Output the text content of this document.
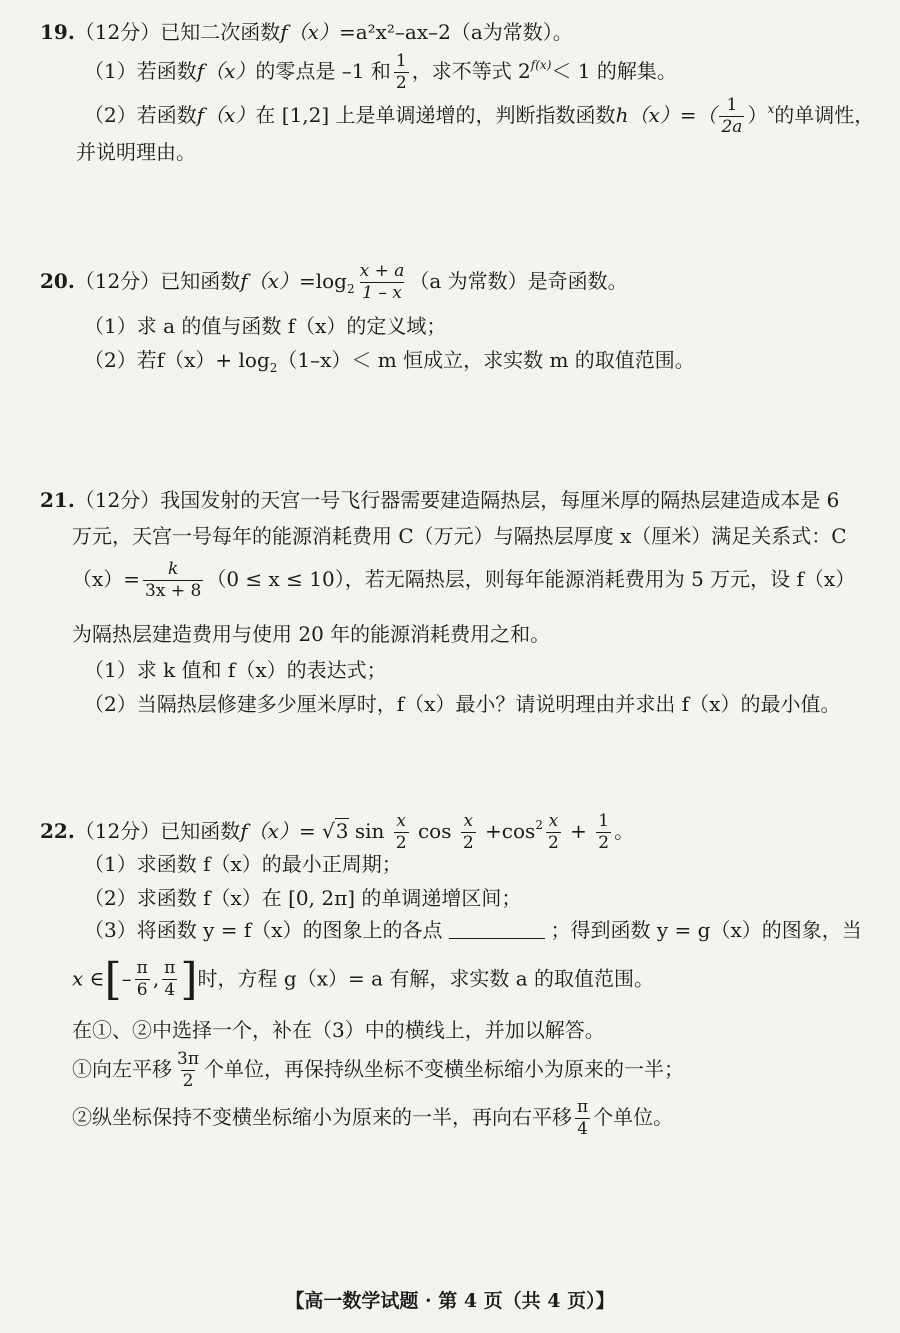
19.（12分）已知二次函数f（x）=a²x²–ax–2（a为常数）。
（1）若函数f（x）的零点是 –1 和 $\frac{1}{2}$ ，求不等式 $2^{f(x)}< 1$ 的解集。
（2）若函数f（x）在 [1,2] 上是单调递增的，判断指数函数$h(x)=( \frac{1}{2a} )^x$的单调性，
并说明理由。
20.（12分）已知函数$f(x)=\log_2 \frac{x + a}{1 - x} (a$ 为常数）是奇函数。
（1）求 a 的值与函数 f（x）的定义域；
（2）若$f(x)+ \log_2(1-x)< m$ 恒成立，求实数 m 的取值范围。
21.（12分）我国发射的天宫一号飞行器需要建造隔热层，每厘米厚的隔热层建造成本是 6
万元，天宫一号每年的能源消耗费用 C（万元）与隔热层厚度 x（厘米）满足关系式：C
$(x)= \frac{k}{3x + 8} (0 \le x \le 10)$，若无隔热层，则每年能源消耗费用为 5 万元，设 f（x）
为隔热层建造费用与使用 20 年的能源消耗费用之和。
（1）求 k 值和 f（x）的表达式；
（2）当隔热层修建多少厘米厚时，f（x）最小？请说明理由并求出 f（x）的最小值。
22.（12分）已知函数f（x）= √3 $\sin \frac{x}{2}$ $\cos \frac{x}{2} +\cos^2 \frac{x}{2} + \frac{1}{2}$ 。
（1）求函数 f（x）的最小正周期；
（2）求函数 f（x）在 [0, 2π] 的单调递增区间；
（3）将函数 y = f（x）的图象上的各点	；得到函数 y = g（x）的图象，当
x ∈[– $\frac{\pi}{6}$ , $\frac{\pi}{4}$ ]时，方程 g（x）= a 有解，求实数 a 的取值范围。
在①、②中选择一个，补在（3）中的横线上，并加以解答。
①向左平移 $\frac{3\pi}{2}$ 个单位，再保持纵坐标不变横坐标缩小为原来的一半；
②纵坐标保持不变横坐标缩小为原来的一半，再向右平移 $\frac{\pi}{4}$ 个单位。
【高一数学试题 · 第 4 页（共 4 页）】
